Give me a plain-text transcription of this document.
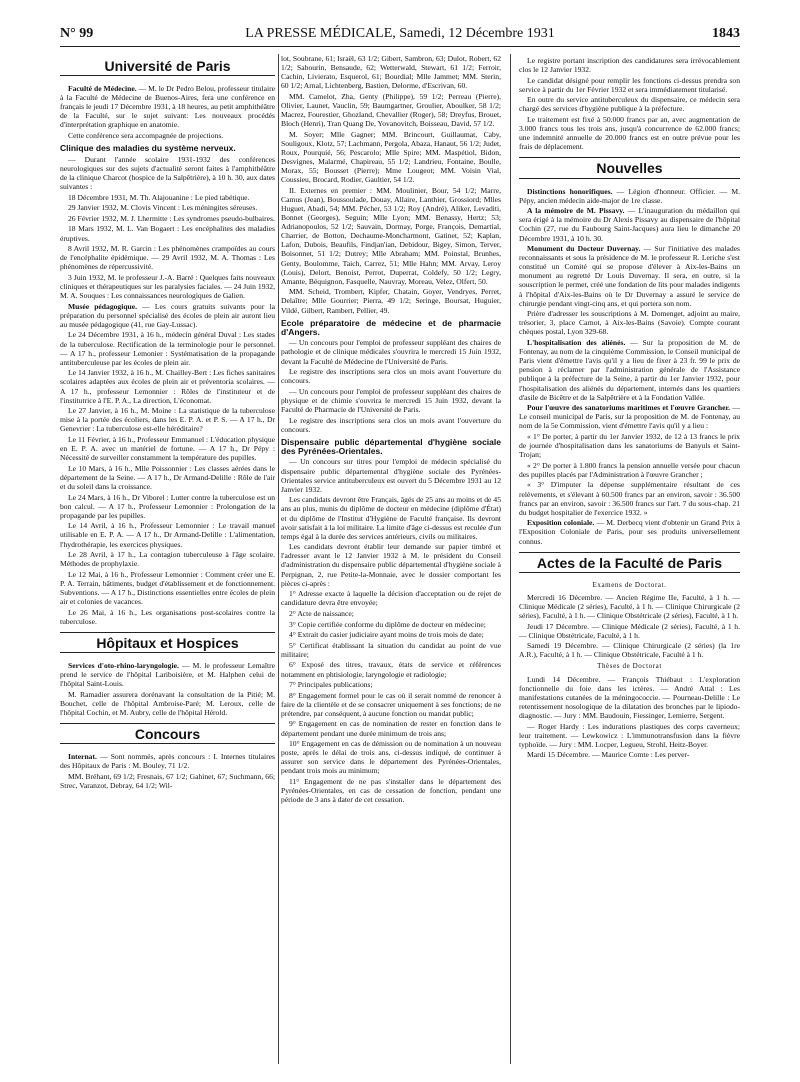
N° 99	LA PRESSE MÉDICALE, Samedi, 12 Décembre 1931	1843
Université de Paris

Faculté de Médecine. — M. le Dr Pedro Belou, professeur titulaire à la Faculté de Médecine de Buenos-Aires, fera une conférence en français le jeudi 17 Décembre 1931, à 18 heures, au petit amphithéâtre de la Faculté, sur le sujet suivant: Les nouveaux procédés d'interprétation graphique en anatomie.

Cette conférence sera accompagnée de projections.

Clinique des maladies du système nerveux.

— Durant l'année scolaire 1931-1932 des conférences neurologiques sur des sujets d'actualité seront faites à l'amphithéâtre de la clinique Charcot (hospice de la Salpêtrière), à 10 h. 30, aux dates suivantes :

18 Décembre 1931, M. Th. Alajouanine : Le pied tabétique.

29 Janvier 1932, M. Clovis Vincent : Les méningites séreuses.

26 Février 1932, M. J. Lhermitte : Les syndromes pseudo-bulbaires.

18 Mars 1932, M. L. Van Bogaert : Les encéphalites des maladies éruptives.

8 Avril 1932, M. R. Garcin : Les phénomènes crampoïdes au cours de l'encéphalite épidémique. — 29 Avril 1932, M. A. Thomas : Les phénomènes de répercussivité.

3 Juin 1932, M. le professeur J.-A. Barré : Quelques faits nouveaux cliniques et thérapeutiques sur les paralysies faciales. — 24 Juin 1932, M. A. Souques : Les connaissances neurologiques de Galien.

Musée pédagogique. — Les cours gratuits suivants pour la préparation du personnel spécialisé des écoles de plein air auront lieu au musée pédagogique (41, rue Gay-Lussac).

Le 24 Décembre 1931, à 16 h., médecin général Duval : Les stades de la tuberculose. Rectification de la terminologie pour le personnel. — A 17 h., professeur Lemonier : Systématisation de la propagande antituberculeuse par les écoles de plein air.

Le 14 Janvier 1932, à 16 h., M. Chailley-Bert : Les fiches sanitaires scolaires adaptées aux écoles de plein air et préventoria scolaires. — A 17 h., professeur Lemonnier : Rôles de l'instituteur et de l'institutrice à l'E. P. A., La direction, L'économat.

Le 27 Janvier, à 16 h., M. Moine : La statistique de la tuberculose mise à la portée des écoliers, dans les E. P. A. et P. S. — A 17 h., Dr Genevrier : La tuberculose est-elle héréditaire?

Le 11 Février, à 16 h., Professeur Emmanuel : L'éducation physique en E. P. A. avec un matériel de fortune. — A 17 h., Dr Pépy : Nécessité de surveiller constamment la température des pupilles.

Le 10 Mars, à 16 h., Mlle Poissonnier : Les classes aérées dans le département de la Seine. — A 17 h., Dr Armand-Delille : Rôle de l'air et du soleil dans la croissance.

Le 24 Mars, à 16 h., Dr Viborel : Lutter contre la tuberculose est un bon calcul. — A 17 h., Professeur Lemonnier : Prolongation de la propagande par les pupilles.

Le 14 Avril, à 16 h., Professeur Lemonnier : Le travail manuel utilisable en E. P. A. — A 17 h., Dr Armand-Delille : L'alimentation, l'hydrothérapie, les exercices physiques.

Le 28 Avril, à 17 h., La contagion tuberculeuse à l'âge scolaire. Méthodes de prophylaxie.

Le 12 Mai, à 16 h., Professeur Lemonnier : Comment créer une E. P. A. Terrain, bâtiments, budget d'établissement et de fonctionnement. Subventions. — A 17 h., Distinctions essentielles entre écoles de plein air et colonies de vacances.

Le 26 Mai, à 16 h., Les organisations post-scolaires contre la tuberculose.

Hôpitaux et Hospices

Services d'oto-rhino-laryngologie. — M. le professeur Lemaître prend le service de l'hôpital Lariboisière, et M. Halphen celui de l'hôpital Saint-Louis.

M. Ramadier assurera dorénavant la consultation de la Pitié; M. Bouchet, celle de l'hôpital Ambroise-Paré; M. Leroux, celle de l'hôpital Cochin, et M. Aubry, celle de l'hôpital Hérold.

Concours

Internat. — Sont nommés, après concours : I. Internes titulaires des Hôpitaux de Paris : M. Bouley, 71 1/2.

MM. Bréhant, 69 1/2; Fresnais, 67 1/2; Gahinet, 67; Suchmann, 66; Strec, Varanzot, Debray, 64 1/2; Wil-

lot, Soubrane, 61; Israël, 63 1/2; Gibert, Sambron, 63; Dulot, Robert, 62 1/2; Sabourin, Bensaude, 62; Wetterwald, Stewart, 61 1/2; Ferroir, Cachin, Livierato, Esquerol, 61; Bourdial; Mlle Jammet; MM. Sterin, 60 1/2; Arnal, Lichtenberg, Bastien, Delorme, d'Escrivan, 60.

MM. Camelot, Zha, Genty (Philippe), 59 1/2; Perreau (Pierre), Olivier, Launet, Vauclin, 59; Baumgartner, Groulier, Aboulker, 58 1/2; Macrez, Fourestier, Ghozland, Chevallier (Roger), 58; Dreyfus, Brouet, Bloch (Henri), Tran Quang De, Yovanovitch, Boisseau, David, 57 1/2.

M. Soyer; Mlle Gagner; MM. Brincourt, Guillaumat, Caby, Souligoux, Klotz, 57; Lachmann, Pergola, Abaza, Hanaut, 56 1/2; Judet, Roux, Pourquié, 56; Pescarolo; Mlle Spire; MM. Maspétiol, Bidon, Desvignes, Malarmé, Chapireau, 55 1/2; Landrieu, Fontaine, Boulle, Morax, 55; Bousset (Pierre); Mme Lougeot; MM. Voisin Vial, Coussieu, Brocard, Rodier, Gaultier, 54 1/2.

II. Externes en premier : MM. Moulinier, Bour, 54 1/2; Marre, Camus (Jean), Boussoulade, Douay, Allaire, Lanthier, Grossiord; Mlles Huguet, Abadi, 54; MM. Pécher, 53 1/2; Roy (André), Aliker, Levaditi, Bonnet (Georges), Seguin; Mlle Lyon; MM. Benassy, Hertz; 53; Adrianopoulos, 52 1/2; Sauvain, Dormay, Porge, François, Demartial, Charrier, de Botton, Dechaume-Moncharmont, Gatinet, 52; Kaplan, Lafon, Dubois, Beaufils, Findjan'ian, Debidour, Bigey, Simon, Terver, Boisonnet, 51 1/2; Dutrey; Mlle Abraham; MM. Poinstal, Brunhes, Genty, Boulomme, Taich, Carrez, 51; Mlle Hahn; MM. Arvay, Leroy (Louis), Delort, Benoist, Perrot, Duperrat, Coldefy, 50 1/2; Legry, Amante, Béquignon, Fasquelle, Nauvray, Moreau, Velez, Olfert, 50.

MM. Scheid, Trombert, Kipfer, Chatain, Goyer, Vendryes, Perret, Delaître; Mlle Gourrier; Pierra, 49 1/2; Seringe, Boursat, Huguier, Vildé, Gilbert, Rambert, Pellier, 49.

Ecole préparatoire de médecine et de pharmacie d'Angers.

— Un concours pour l'emploi de professeur suppléant des chaires de pathologie et de clinique médicales s'ouvrira le mercredi 15 Juin 1932, devant la Faculté de Médecine de l'Université de Paris.

Le registre des inscriptions sera clos un mois avant l'ouverture du concours.

— Un concours pour l'emploi de professeur suppléant des chaires de physique et de chimie s'ouvrira le mercredi 15 Juin 1932, devant la Faculté de Pharmacie de l'Université de Paris.

Le registre des inscriptions sera clos un mois avant l'ouverture du concours.

Dispensaire public départemental d'hygiène sociale des Pyrénées-Orientales.

— Un concours sur titres pour l'emploi de médecin spécialisé du dispensaire public départemental d'hygiène sociale des Pyrénées-Orientales service antituberculeux est ouvert du 5 Décembre 1931 au 12 Janvier 1932.

Les candidats devront être Français, âgés de 25 ans au moins et de 45 ans au plus, munis du diplôme de docteur en médecine (diplôme d'État) et du diplôme de l'Institut d'Hygiène de Faculté française. Ils devront avoir satisfait à la loi militaire. La limite d'âge ci-dessus est reculée d'un temps égal à la durée des services antérieurs, civils ou militaires.

Les candidats devront établir leur demande sur papier timbré et l'adresser avant le 12 Janvier 1932 à M. le président du Conseil d'administration du dispensaire public départemental d'hygiène sociale à Perpignan, 2, rue Petite-la-Monnaie, avec le dossier comportant les pièces ci-après :

1° Adresse exacte à laquelle la décision d'acceptation ou de rejet de candidature devra être envoyée;

2° Acte de naissance;

3° Copie certifiée conforme du diplôme de docteur en médecine;

4° Extrait du casier judiciaire ayant moins de trois mois de date;

5° Certificat établissant la situation du candidat au point de vue militaire;

6° Exposé des titres, travaux, états de service et références notamment en phtisiologie, laryngologie et radiologie;

7° Principales publications;

8° Engagement formel pour le cas où il serait nommé de renoncer à faire de la clientèle et de se consacrer uniquement à ses fonctions; de ne prétendre, par conséquent, à aucune fonction ou mandat public;

9° Engagement en cas de nomination de rester en fonction dans le département pendant une durée minimum de trois ans;

10° Engagement en cas de démission ou de nomination à un nouveau poste, après le délai de trois ans, ci-dessus indiqué, de continuer à assurer son service dans le département des Pyrénées-Orientales, pendant trois mois au minimum;

11° Engagement de ne pas s'installer dans le département des Pyrénées-Orientales, en cas de cessation de fonction, pendant une période de 3 ans à dater de cet cessation.

Le registre portant inscription des candidatures sera irrévocablement clos le 12 Janvier 1932.

Le candidat désigné pour remplir les fonctions ci-dessus prendra son service à partir du 1er Février 1932 et sera immédiatement titularisé.

En outre du service antituberculeux du dispensaire, ce médecin sera chargé des services d'hygiène publique à la préfecture.

Le traitement est fixé à 50.000 francs par an, avec augmentation de 3.000 francs tous les trois ans, jusqu'à concurrence de 62.000 francs; une indemnité annuelle de 20.000 francs est en outre prévue pour les frais de déplacement.

Nouvelles

Distinctions honorifiques. — Légion d'honneur. Officier. — M. Pépy, ancien médecin aide-major de 1re classe.

A la mémoire de M. Pissavy. — L'inauguration du médaillon qui sera érigé à la mémoire du Dr Alexis Pissavy au dispensaire de l'hôpital Cochin (27, rue du Faubourg Saint-Jacques) aura lieu le dimanche 20 Décembre 1931, à 10 h. 30.

Monument du Docteur Duvernay. — Sur l'initiative des malades reconnaissants et sous la présidence de M. le professeur R. Leriche s'est constitué un Comité qui se propose d'élever à Aix-les-Bains un monument au regretté Dr Louis Duvernay. Il sera, en outre, si la souscription le permet, créé une fondation de lits pour malades indigents à l'hôpital d'Aix-les-Bains où le Dr Duvernay a assuré le service de chirurgie pendant vingt-cinq ans, et qui portera son nom.

Prière d'adresser les souscriptions à M. Domenget, adjoint au maire, trésorier, 3, place Carnot, à Aix-les-Bains (Savoie). Compte courant chèques postal, Lyon 329-68.

L'hospitalisation des aliénés. — Sur la proposition de M. de Fontenay, au nom de la cinquième Commission, le Conseil municipal de Paris vient d'émettre l'avis qu'il y a lieu de fixer à 23 fr. 99 le prix de pension à réclamer par l'administration générale de l'Assistance publique à la préfecture de la Seine, à partir du 1er Janvier 1932, pour l'hospitalisation des aliénés du département, internés dans les quartiers d'asile de Bicêtre et de la Salpêtrière et à la Fondation Vallée.

Pour l'œuvre des sanatoriums maritimes et l'œuvre Grancher. — Le conseil municipal de Paris, sur la proposition de M. de Fontenay, au nom de la 5e Commission, vient d'émettre l'avis qu'il y a lieu :

« 1° De porter, à partir du 1er Janvier 1932, de 12 à 13 francs le prix de journée d'hospitalisation dans les sanatoriums de Banyuls et Saint-Trojan;

« 2° De porter à 1.800 francs la pension annuelle versée pour chacun des pupilles placés par l'Administration à l'œuvre Grancher ;

« 3° D'imputer la dépense supplémentaire résultant de ces relèvements, et s'élevant à 60.500 francs par an environ, savoir : 36.500 francs par an environ, savoir : 36.500 francs sur l'art. 7 du sous-chap. 21 du budget hospitalier de l'exercice 1932. »

Exposition coloniale. — M. Derbecq vient d'obtenir un Grand Prix à l'Exposition Coloniale de Paris, pour ses produits universellement connus.

Actes de la Faculté de Paris

Examens de Doctorat.

Mercredi 16 Décembre. — Ancien Régime IIe, Faculté, à 1 h. — Clinique Médicale (2 séries), Faculté, à 1 h. — Clinique Chirurgicale (2 séries), Faculté, à 1 h. — Clinique Obstétricale (2 séries), Faculté, à 1 h.

Jeudi 17 Décembre. — Clinique Médicale (2 séries), Faculté, à 1 h. — Clinique Obstétricale, Faculté, à 1 h.

Samedi 19 Décembre. — Clinique Chirurgicale (2 séries) (la 1re A.R.), Faculté, à 1 h. — Clinique Obstétricale, Faculté à 1 h.

Thèses de Doctorat

Lundi 14 Décembre. — François Thiébaut : L'exploration fonctionnelle du foie dans les ictères. — André Attal : Les manifestations cutanées de la méningococcie. — Pourneau-Delille : Le retentissement nosologique de la dilatation des bronches par le lipiodo-diagnostic. — Jury : MM. Baudouin, Fiessinger, Lemierre, Sergent.

— Roger Hardy : Les indurations plastiques des corps caverneux; leur traitement. — Lewkowicz : L'immunotransfusion dans la fièvre typhoïde. — Jury : MM. Locper, Legueu, Strohl, Heitz-Boyer.

Mardi 15 Décembre. — Maurice Comte : Les perver-
